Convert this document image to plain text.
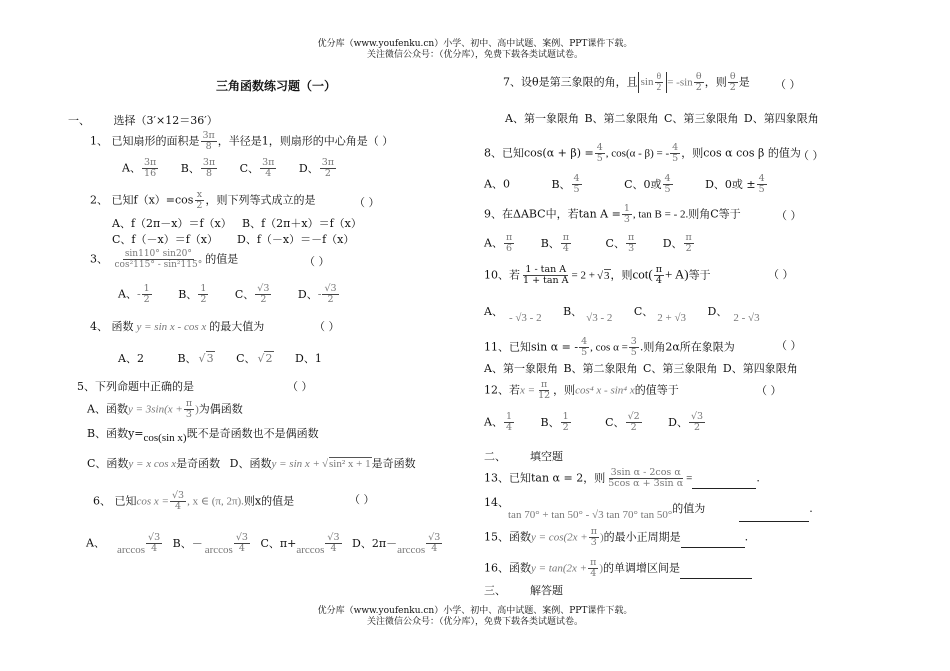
优分库（www.youfenku.cn）小学、初中、高中试题、案例、PPT课件下载。
关注微信公众号：（优分库），免费下载各类试题试卷。
优分库（www.youfenku.cn）小学、初中、高中试题、案例、PPT课件下载。
关注微信公众号：（优分库），免费下载各类试题试卷。
三角函数练习题（一）
一、 选择（3′×12＝36′）
1、 已知扇形的面积是 $\frac{3\pi}{8}$ ，半径是1，则扇形的中心角是（ ）
A、 $\frac{3\pi}{16}$ B、 $\frac{3\pi}{8}$ C、 $\frac{3\pi}{4}$ D、 $\frac{3\pi}{2}$
2、 已知$f(x)=\cos \frac{x}{2}$ ，则下列等式成立的是	（ ）
A、f（2π－x）＝f（x） B、f（2π＋x）＝f（x）
C、f（－x）＝f（x） D、f（－x）＝－f（x）
3、 $\frac{\sin 110^\circ \sin 20^\circ}{\text{cos²115° - sin²115°}}$ 的值是	（ ）
A、- $\frac{1}{2}$ B、 $\frac{1}{2}$ C、 $\frac{√3}{2}$ D、- $\frac{√3}{2}$
4、 函数 y = sin x - cos x 的最大值为	（ ）
A、2	B、 √ 3 C、 √ 2 D、1
5、下列命题中正确的是	（ ）
A、函数$y = 3\sin(x + \frac{\pi}{3}$ )为偶函数
B、函数y=cos(sin x)既不是奇函数也不是偶函数
C、函数y = x cos x是奇函数 D、函数y = sin x + √ sin² x + 1是奇函数
6、 已知$\cos x = \frac{√3}{4}$ , x ∈ (π, 2π).则x的值是	（ ）
A、 $\arccos \frac{√3}{4}$ B、－ $\arccos \frac{√3}{4}$ C、$\pi+\arccos \frac{√3}{4}$ D、$2\pi-\arccos \frac{√3}{4}$
7、设θ是第三象限的角，且 $\sin \frac{\theta}{2} = -\sin \frac{\theta}{2}$ ，则 $\frac{\theta}{2}$ 是 （ ）
A、第一象限角 B、第二象限角 C、第三象限角 D、第四象限角
8、已知$\cos(\alpha + \beta) = \frac{4}{5}$ , cos(α - β) = - $\frac{4}{5}$ ，则cos α cos β 的值为
（ ）
A、0	B、 $\frac{4}{5}$	C、0或 $\frac{4}{5}$	D、0或 ± $\frac{4}{5}$
9、在ΔABC中，若$\tan A = \frac{1}{3}$ , tan B = - 2.则角C等于	（ ）
A、 $\frac{\pi}{6}$ B、 $\frac{\pi}{4}$	C、 $\frac{\pi}{3}$ D、 $\frac{\pi}{2}$
10、若 $\frac{\text{1 - tan A}}{\text{1 + tan A}} = 2$ + √ 3，则$\cot( \frac{\pi}{4} + A)$等于	（ ）
A、 - √3 - 2 B、 √3 - 2 C、 2 + √3 D、 2 - √3
11、已知sin α = - $\frac{4}{5}$ , $\cos \alpha = \frac{3}{5}$ .则角2α所在象限为	（ ）
A、第一象限角 B、第二象限角 C、第三象限角 D、第四象限角
12、若$x = \frac{\pi}{12}$ ，则cos⁴ x - sin⁴ x的值等于	（ ）
A、 $\frac{1}{4}$ B、 $\frac{1}{2}$	C、 $\frac{√2}{2}$ D、 $\frac{√3}{2}$
二、 填空题
13、已知tan α = 2，则 $\frac{\text{3sin α - 2cos α}}{\text{5cos α + 3sin α}}$ =	.
14、
tan 70° + tan 50° - √3 tan 70° tan 50°的值为	.
15、函数$y = \cos(2x + \frac{\pi}{3}$ )的最小正周期是	.
16、函数$y = \tan(2x + \frac{\pi}{4}$ )的单调增区间是
三、 解答题
